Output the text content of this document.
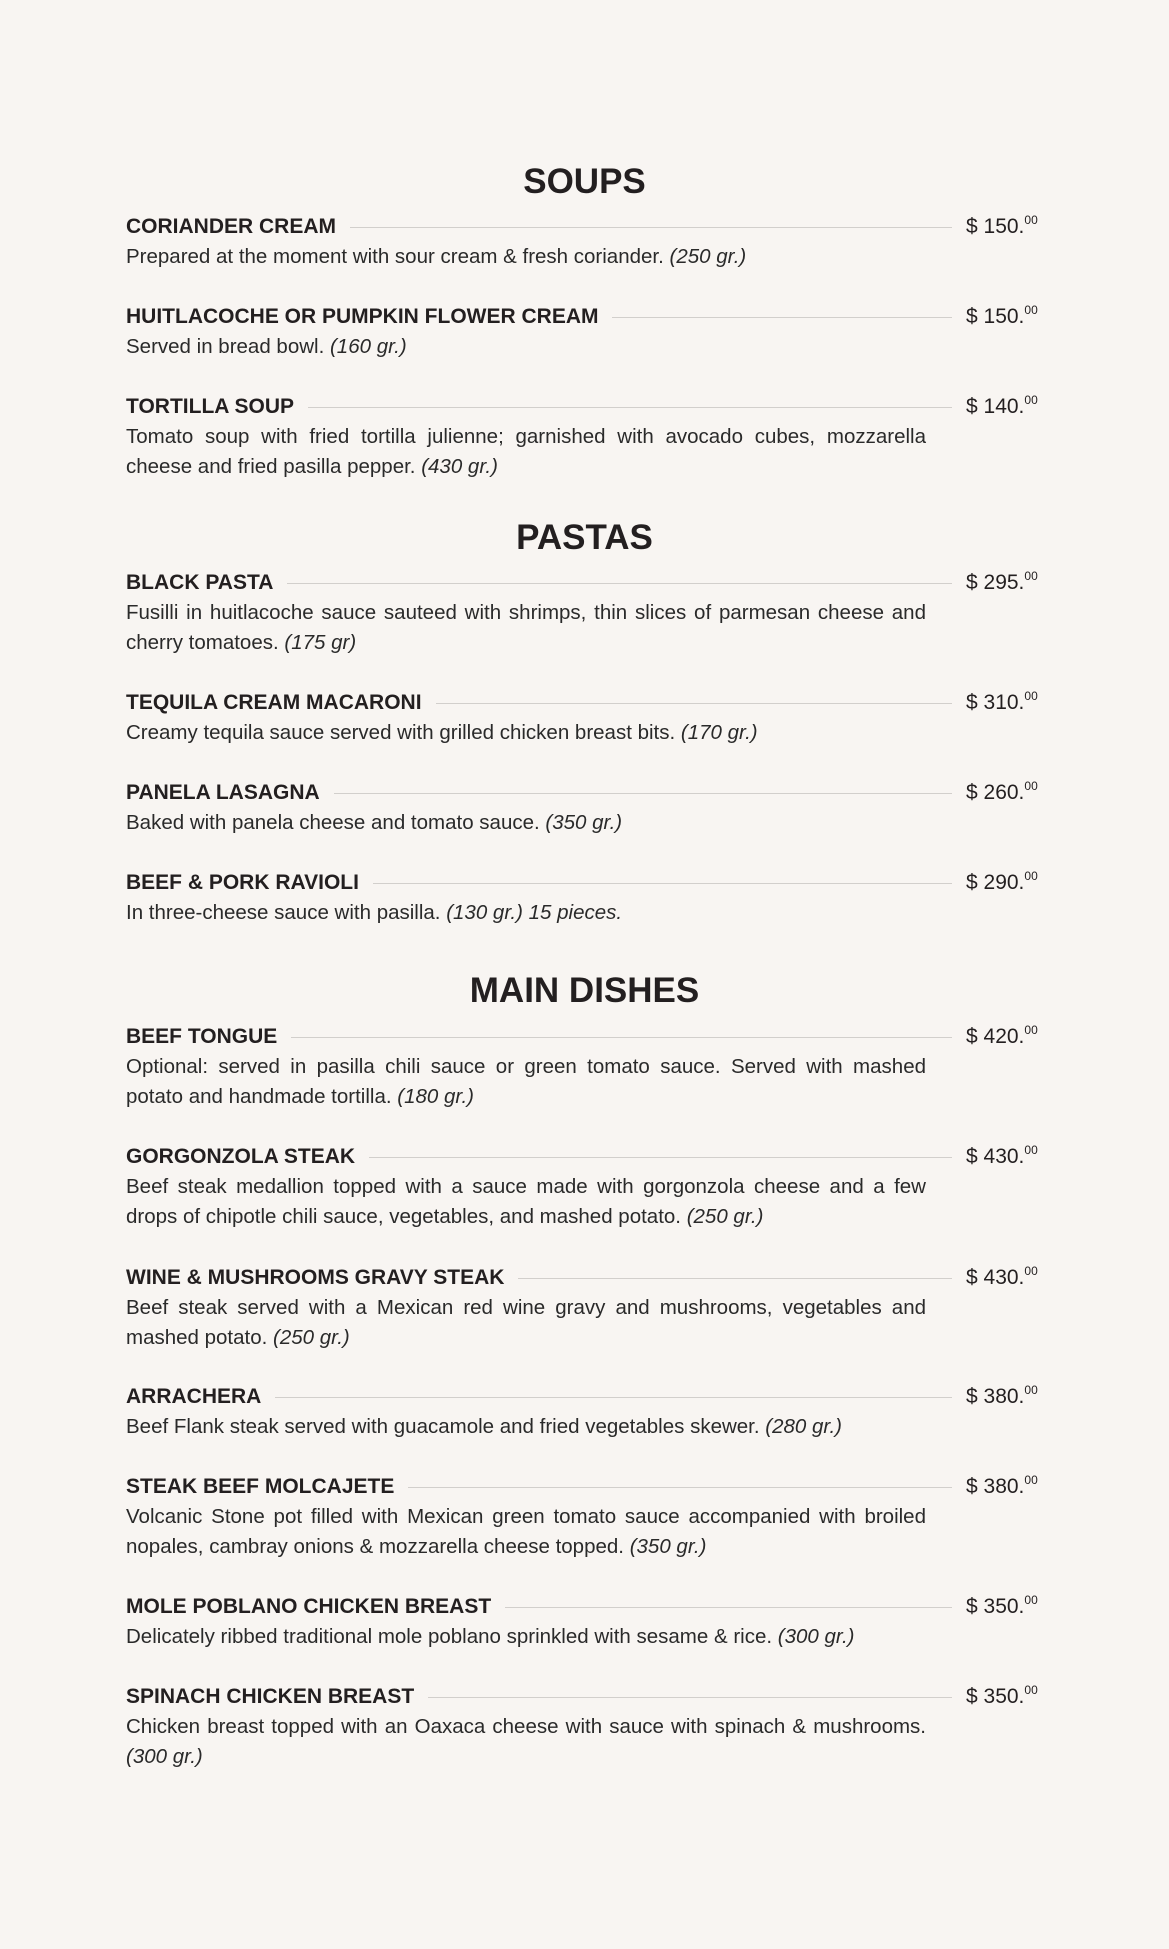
SOUPS
CORIANDER CREAM	$ 150.00
Prepared at the moment with sour cream & fresh coriander. (250 gr.)
HUITLACOCHE OR PUMPKIN FLOWER CREAM	$ 150.00
Served in bread bowl. (160 gr.)
TORTILLA SOUP	$ 140.00
Tomato soup with fried tortilla julienne; garnished with avocado cubes, mozzarella cheese and fried pasilla pepper. (430 gr.)
PASTAS
BLACK PASTA	$ 295.00
Fusilli in huitlacoche sauce sauteed with shrimps, thin slices of parmesan cheese and cherry tomatoes. (175 gr)
TEQUILA CREAM MACARONI	$ 310.00
Creamy tequila sauce served with grilled chicken breast bits. (170 gr.)
PANELA LASAGNA	$ 260.00
Baked with panela cheese and tomato sauce. (350 gr.)
BEEF & PORK RAVIOLI	$ 290.00
In three-cheese sauce with pasilla. (130 gr.) 15 pieces.
MAIN DISHES
BEEF TONGUE	$ 420.00
Optional: served in pasilla chili sauce or green tomato sauce. Served with mashed potato and handmade tortilla. (180 gr.)
GORGONZOLA STEAK	$ 430.00
Beef steak medallion topped with a sauce made with gorgonzola cheese and a few drops of chipotle chili sauce, vegetables, and mashed potato. (250 gr.)
WINE & MUSHROOMS GRAVY STEAK	$ 430.00
Beef steak served with a Mexican red wine gravy and mushrooms, vegetables and mashed potato. (250 gr.)
ARRACHERA	$ 380.00
Beef Flank steak served with guacamole and fried vegetables skewer. (280 gr.)
STEAK BEEF MOLCAJETE	$ 380.00
Volcanic Stone pot filled with Mexican green tomato sauce accompanied with broiled nopales, cambray onions & mozzarella cheese topped. (350 gr.)
MOLE POBLANO CHICKEN BREAST	$ 350.00
Delicately ribbed traditional mole poblano sprinkled with sesame & rice. (300 gr.)
SPINACH CHICKEN BREAST	$ 350.00
Chicken breast topped with an Oaxaca cheese with sauce with spinach & mushrooms. (300 gr.)
